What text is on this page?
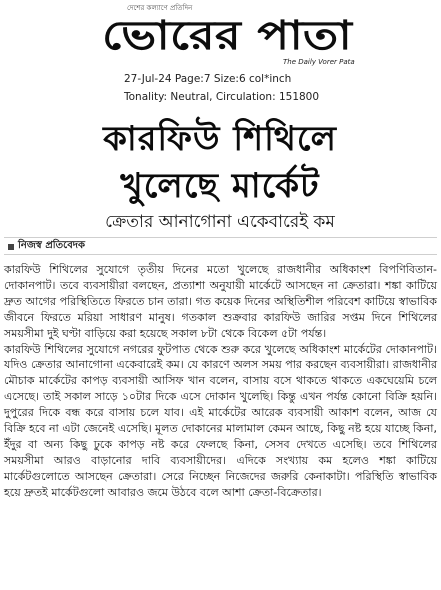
দেশের কল্যাণে প্রতিদিন
ভোরের পাতা
The Daily Vorer Pata
27-Jul-24 Page:7 Size:6 col*inch
Tonality: Neutral, Circulation: 151800
কারফিউ শিথিলে
খুলেছে মার্কেট
ক্রেতার আনাগোনা একেবারেই কম
নিজস্ব প্রতিবেদক

কারফিউ শিথিলের সুযোগে তৃতীয় দিনের মতো খুলেছে রাজধানীর অধিকাংশ বিপণিবিতান-দোকানপাট। তবে ব্যবসায়ীরা বলছেন, প্রত্যাশা অনুযায়ী মার্কেটে আসছেন না ক্রেতারা। শঙ্কা কাটিয়ে দ্রুত আগের পরিস্থিতিতে ফিরতে চান তারা। গত কয়েক দিনের অস্থিতিশীল পরিবেশ কাটিয়ে স্বাভাবিক জীবনে ফিরতে মরিয়া সাধারণ মানুষ। গতকাল শুক্রবার কারফিউ জারির সপ্তম দিনে শিথিলের সময়সীমা দুই ঘণ্টা বাড়িয়ে করা হয়েছে সকাল ৮টা থেকে বিকেল ৫টা পর্যন্ত।

কারফিউ শিথিলের সুযোগে নগরের ফুটপাত থেকে শুরু করে খুলেছে অধিকাংশ মার্কেটের দোকানপাট। যদিও ক্রেতার আনাগোনা একেবারেই কম। যে কারণে অলস সময় পার করছেন ব্যবসায়ীরা। রাজধানীর মৌচাক মার্কেটের কাপড় ব্যবসায়ী আসিফ খান বলেন, বাসায় বসে থাকতে থাকতে একঘেয়েমি চলে এসেছে। তাই সকাল সাড়ে ১০টার দিকে এসে দোকান খুলেছি। কিন্তু এখন পর্যন্ত কোনো বিক্রি হয়নি। দুপুরের দিকে বন্ধ করে বাসায় চলে যাব। এই মার্কেটের আরেক ব্যবসায়ী আকাশ বলেন, আজ যে বিক্রি হবে না এটা জেনেই এসেছি। মূলত দোকানের মালামাল কেমন আছে, কিছু নষ্ট হয়ে যাচ্ছে কিনা, ইঁদুর বা অন্য কিছু ঢুকে কাপড় নষ্ট করে ফেলছে কিনা, সেসব দেখতে এসেছি। তবে শিথিলের সময়সীমা আরও বাড়ানোর দাবি ব্যবসায়ীদের। এদিকে সংখ্যায় কম হলেও শঙ্কা কাটিয়ে মার্কেটগুলোতে আসছেন ক্রেতারা। সেরে নিচ্ছেন নিজেদের জরুরি কেনাকাটা। পরিস্থিতি স্বাভাবিক হয়ে দ্রুতই মার্কেটগুলো আবারও জমে উঠবে বলে আশা ক্রেতা-বিক্রেতার।
